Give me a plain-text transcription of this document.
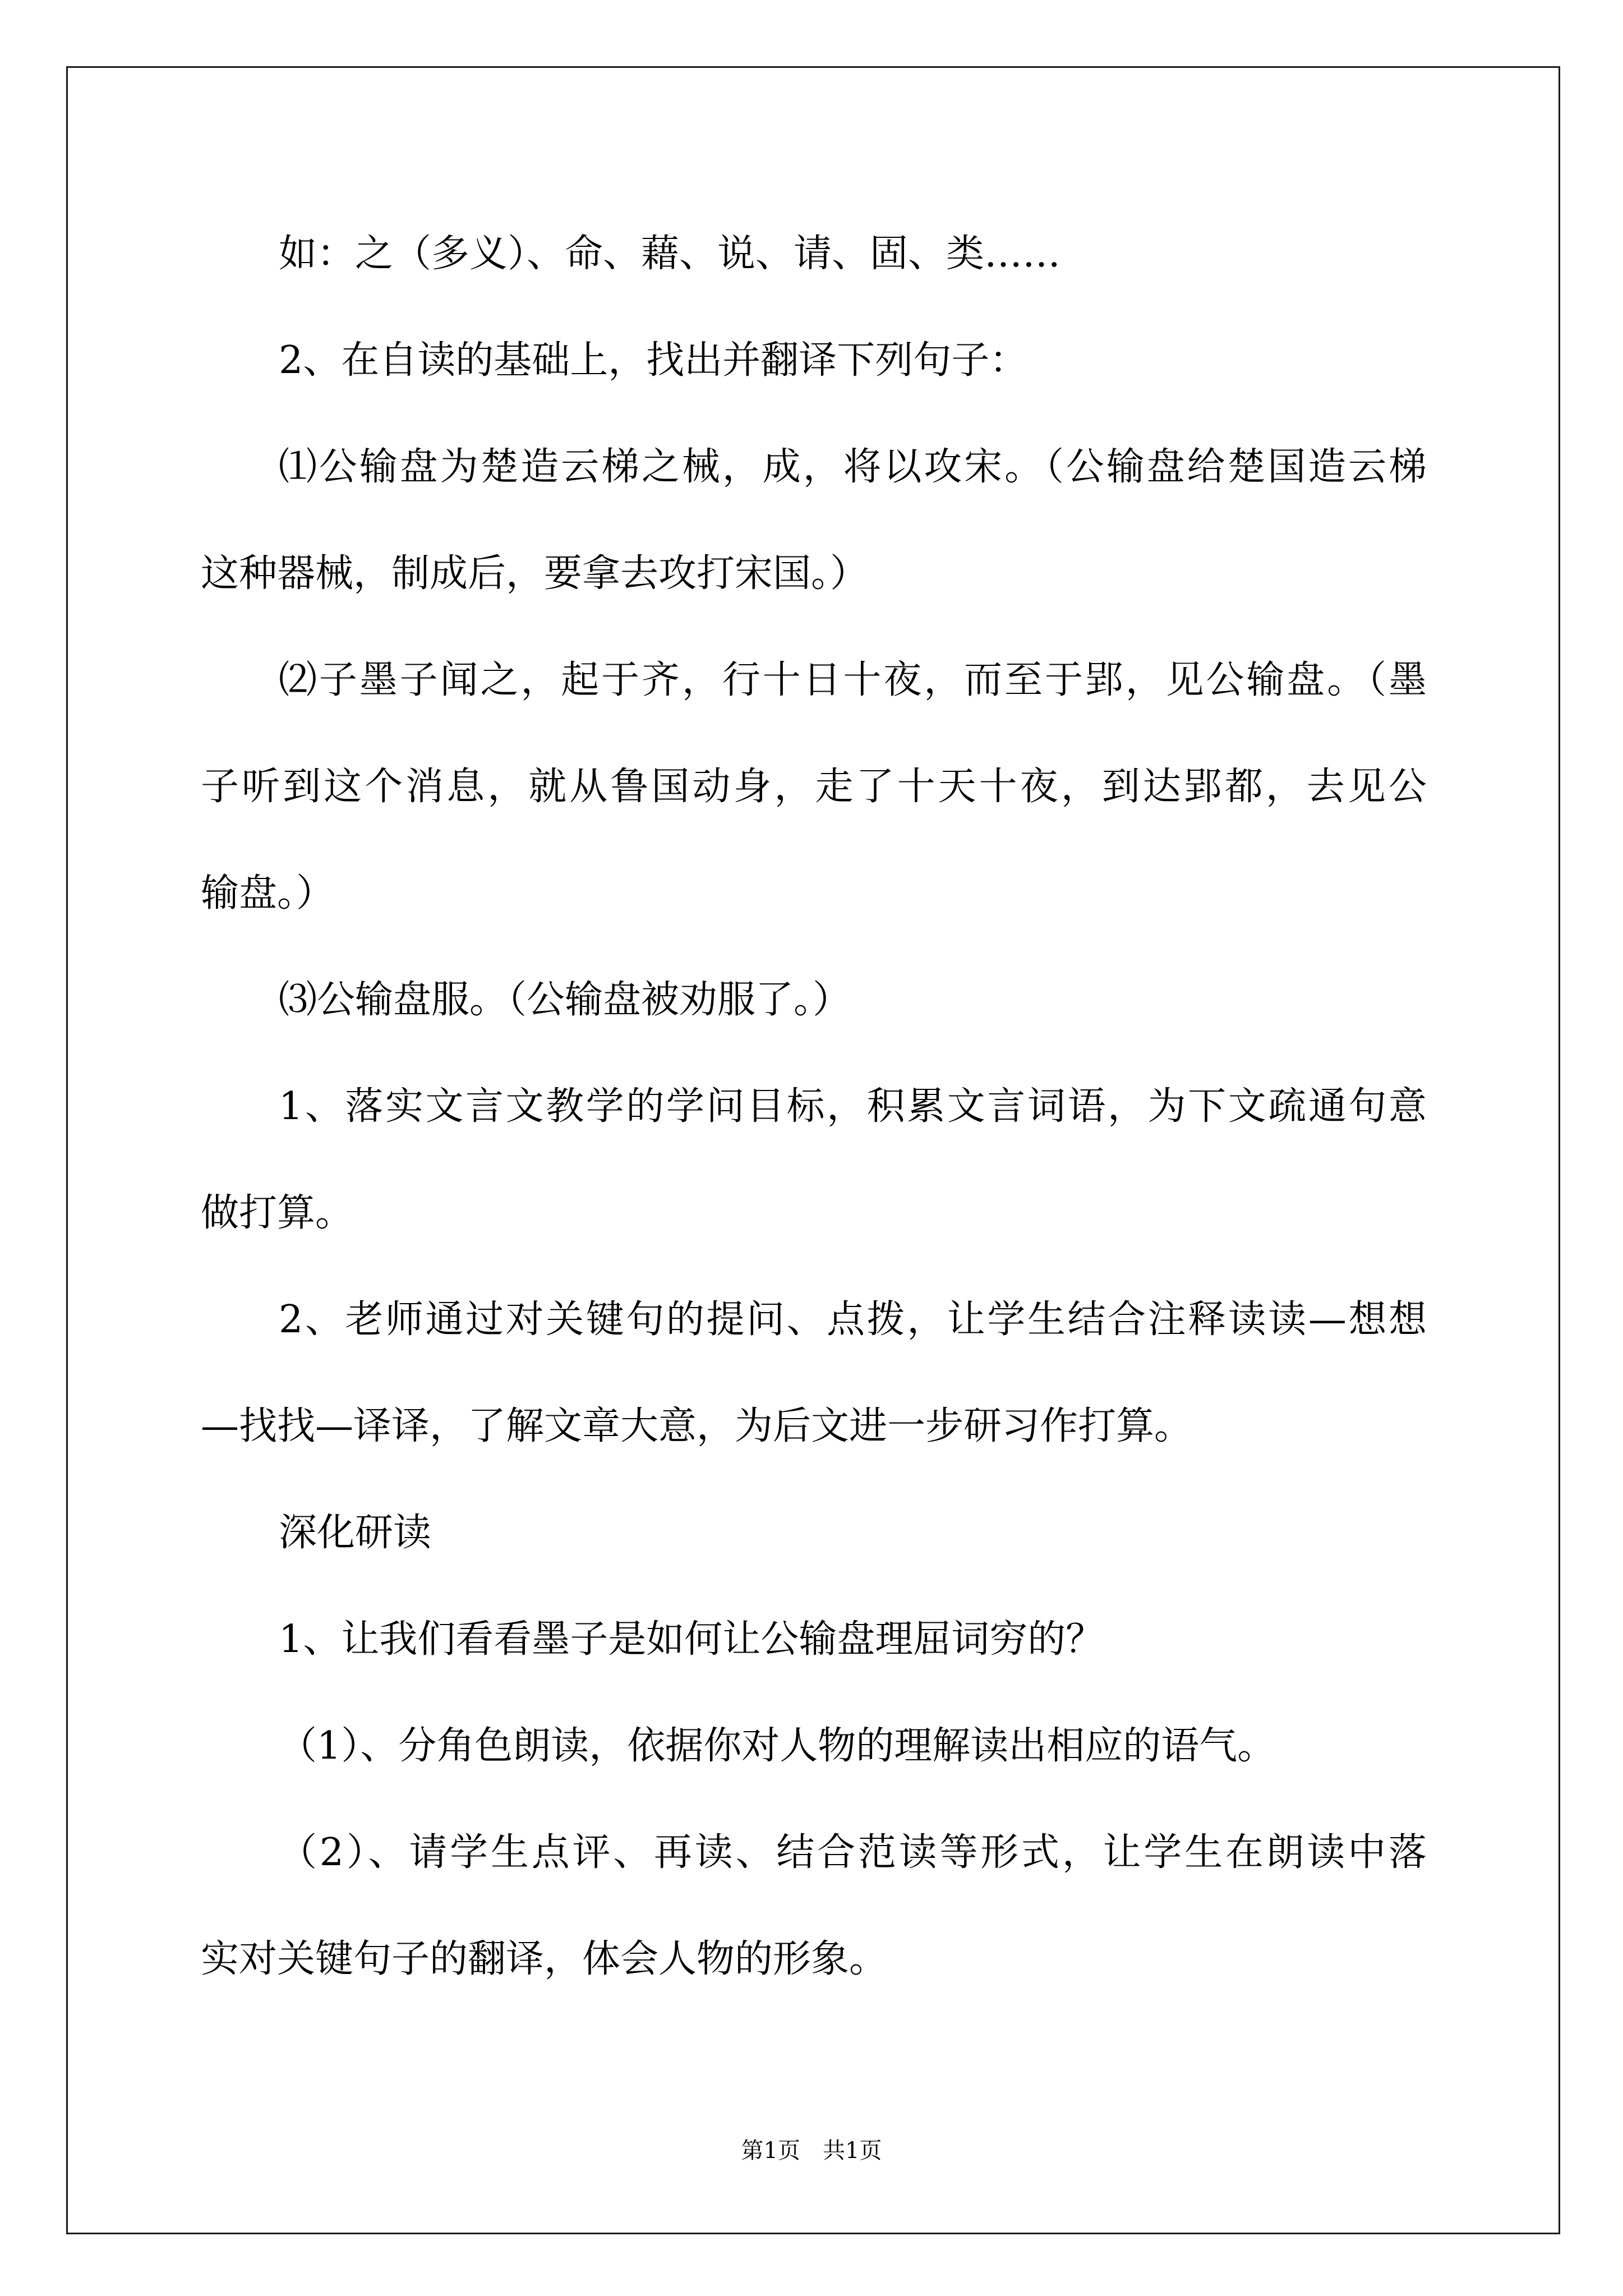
如：之（多义）、命、藉、说、请、固、类……
2、在自读的基础上，找出并翻译下列句子：
⑴公输盘为楚造云梯之械，成，将以攻宋。（公输盘给楚国造云梯
这种器械，制成后，要拿去攻打宋国。）
⑵子墨子闻之，起于齐，行十日十夜，而至于郢，见公输盘。（墨
子听到这个消息，就从鲁国动身，走了十天十夜，到达郢都，去见公
输盘。）
⑶公输盘服。（公输盘被劝服了。）
1、落实文言文教学的学问目标，积累文言词语，为下文疏通句意
做打算。
2、老师通过对关键句的提问、点拨，让学生结合注释读读—想想
—找找—译译，了解文章大意，为后文进一步研习作打算。
深化研读
1、让我们看看墨子是如何让公输盘理屈词穷的？
（1）、分角色朗读，依据你对人物的理解读出相应的语气。
（2）、请学生点评、再读、结合范读等形式，让学生在朗读中落
实对关键句子的翻译，体会人物的形象。
第1页　共1页
